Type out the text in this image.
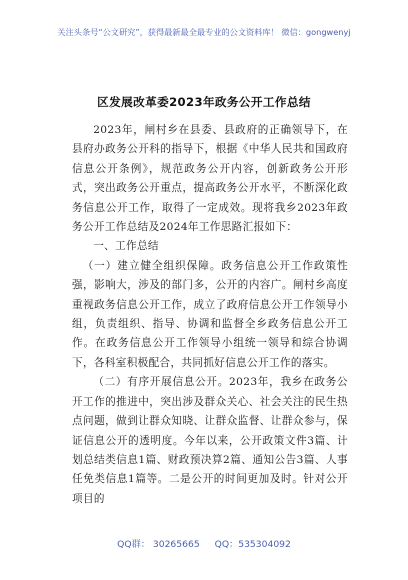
关注头条号“公文研究”，获得最新最全最专业的公文资料库！ 微信：gongwenyj
区发展改革委2023年政务公开工作总结

2023年，闸村乡在县委、县政府的正确领导下，在县府办政务公开科的指导下，根据《中华人民共和国政府信息公开条例》，规范政务公开内容，创新政务公开形式，突出政务公开重点，提高政务公开水平，不断深化政务信息公开工作，取得了一定成效。现将我乡2023年政务公开工作总结及2024年工作思路汇报如下：

一、工作总结

（一）建立健全组织保障。政务信息公开工作政策性强，影响大，涉及的部门多，公开的内容广。闸村乡高度重视政务信息公开工作，成立了政府信息公开工作领导小组，负责组织、指导、协调和监督全乡政务信息公开工作。在政务信息公开工作领导小组统一领导和综合协调下，各科室积极配合，共同抓好信息公开工作的落实。

（二）有序开展信息公开。2023年，我乡在政务公开工作的推进中，突出涉及群众关心、社会关注的民生热点问题，做到让群众知晓、让群众监督、让群众参与，保证信息公开的透明度。今年以来，公开政策文件3篇、计划总结类信息1篇、财政预决算2篇、通知公告3篇、人事任免类信息1篇等。二是公开的时间更加及时。针对公开项目的

QQ群： 30265665 QQ：535304092
